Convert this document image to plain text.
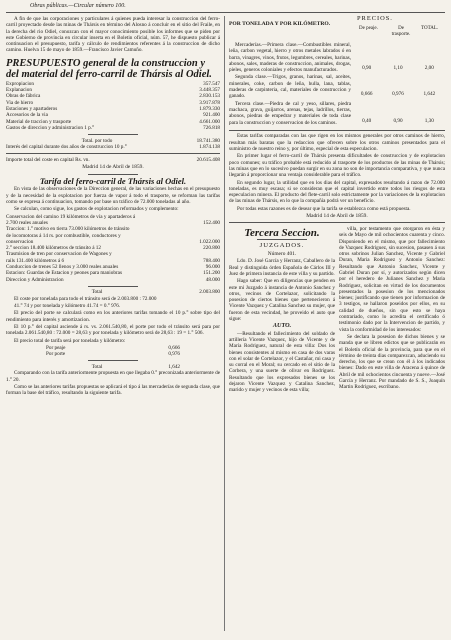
Obras públicas.—Circular número 100.

A fin de que las corporaciones y particulares á quienes pueda interesar la construccion del ferro-carril proyectado desde las minas de Thársis en término del Alosno á concluir en el sitio del Fraile, en la derecha del rio Odiel, conozcan con el mayor conocimiento posible los informes que se piden por este Gobierno de provincia en circular inserta en el Boletin oficial, núm. 57, he dispuesto publicar á continuacion el presupuesto, tarifa y cálculo de rendimientos referentes á la construccion de dicho camino. Huelva 15 de mayo de 1859.—Francisco Javier Camuño.

PRESUPUESTO general de la construccion y del material del ferro-carril de Thársis al Odiel.
Expropiacion	357.547
Explanacion	3.448.357
Obras de fábrica	2.830.153
Via de hierro	3.917.878
Estaciones y apartaderos	1.879.330
Accesorios de la via	921.400
Material de traccion y trasporte	4.661.000
Gastos de direccion y administracion 1 p.°	726.818
Total. por todo	18.741.380
Interés del capital durante dos años de construccion 10 p.°	1.874.138
Importe total del coste en capital Rs. vn.	20.615.408
Madrid 14 de Abril de 1859.
Tarifa del ferro-carril de Thársis al Odiel.

En vista de las observaciones de la Direccion general, de las variaciones hechas en el presupuesto y de la necesidad de la explotacion por fuerza de vapor á todo el trasporte, se reforman las tarifas como se expresa á continuacion, tomando por base un tráfico de 72.000 toneladas al año.

Se calculan, como sigue, los gastos de explotacion reformados y complemento:

Conservacion del camino 19 kilómetros de vía y apartaderos á
2.700 reales anuales	152.400
Traccion: 1.° motivo en tierra 73.000 kilómetros de tránsito
de locomotoras á 14 rs. por combustible, conductores y
conservacion	1.022.000
2.° seccion 18.400 kilómetros de tránsito á 12	220.800
Trasmision de tren por conservacion de Wagones y
rails 131.400 kilómetros á 6	788.400
Conduccion de trenes 52 llenos y 3.000 reales anuales	96.000
Estacion: Guardas de Estacion y peones para maniobras	151.200
Direccion y Administracion	48.000
Total	2.003.800

El coste por tonelada para todo el tránsito será de 2.003.800 : 72.000

41.° 74 y por tonelada y kilómetro 41.74 = 0.° 976.

El precio del porte se calculará como en los anteriores tarifas tomando el 10 p.° sobre tipo del rendimiento para interés y amortizacion.

El 10 p.° del capital asciende á rs. vs. 2.061.540,80, el porte por todo el tránsito será para por tonelada 2.061.540,80 : 72.000 = 28,63 y por tonelada y kilómetro será de 28,63 : 19 = 1.° 506.

El precio total de tarifa será por tonelada y kilómetro:

Por peaje	0,666
Por porte	0,976
Total	1,642

Comparando con la tarifa anteriormente propuesta en que llegaba 0.° preconizada anteriormente de 1.° 20.

Como se las anteriores tarifas propuestas se aplicará el tipo á las mercaderías de segunda clase, que forman la base del tráfico, resultando la siguiente tarifa.

POR TONELADA Y POR KILÓMETRO.
PRECIOS.
De peaje.	De trasporte.
TOTAL.

Mercaderías.—Primera clase.—Combustibles mineral, leña, carbon vegetal, hierro y otros metales labrados ó en barra, vinagres, vinos, frutos, legumbres, cereales, harinas, abonos, sales, maderas de construccion, animales, drogas, pieles, generos coloniales y efectos manufacturados.	0,90	1,10	2,00

Segunda clase.—Trigos, granos, harinas, sal, aceites, minerales, coke, carbon de leña, hulla, lana, tablas, maderas de carpinteria, cal, materiales de construccion y ganado.	0,666	0,976	1,642

Tercera clase.—Piedra de cal y yeso, sillares, piedra machaca, grava, guijarros, arenas, tejas, ladrillos, tierras, abonos, piedras de empedrar y materiales de toda clase para la construccion y conservacion de los caminos.	0,40	0,90	1,30

Estas tarifas comparadas con las que rigen en los mismos generales por otros caminos de hierro, resultan más baratas que la redaccion que ofrecen sobre los otros caminos presentados para el suministro de nuestro reino y, por último, especial de esta especulacion.

En primer lugar el ferro-carril de Thársis presenta dificultades de construccion y de explotacion poco comunes; su tráfico probable está reducido al trasporte de los productos de las minas de Thársis; las minas que en lo sucesivo puedan surgir en su zona no son de importancia comparativa, y que nunca llegarán á proporcionar una ventaja considerable para el tráfico.

En segundo lugar, la utilidad que en los dias del capital, expresados resultando á razon de 72.000 toneladas, es muy escasa; si se consideran que el capital invertido entre todos los riesgos de esta especulacion minera. El producto del flete-carril solo estrictamente por la variaciones de la explotacion de las minas de Thársis, en lo que la compañía podrá ver un beneficio.

Por todas estas razones es de desear que la tarifa se establezca como está propuesta.

Madrid 14 de Abril de 1859.
Tercera Seccion.
JUZGADOS.
Número 401.

Ldo. D. José García y Herranz, Caballero de la Real y distinguida órden Española de Cárlos III y Juez de primera instancia de este villa y su partido.

Hago saber: Que en diligencias que penden en este mi Juzgado á instancia de Antonio Sanchez y otros, vecinos de Cortelazor, solicitando la posesion de ciertos bienes que pertenecieron á Vicente Vazquez y Catalina Sanchez su mujer, que fueron de esta vecindad, he proveido el auto que sigue:

AUTO.

—Resultando el fallecimiento del soldado de artillería Vicente Vazquez, hijo de Vicente y de María Rodriguez, natural de esta villa: Dos los bienes consistentes al mismo en casa de dos varas con el solar de Cortelazor, y el Castañar, mi casa y su corral en el Moral; su cercado en el sitio de la Corbera, y una suerte de olivar en Rodríguez. Resultando que los expresados bienes se los dejaron Vicente Vazquez y Catalina Sanchez, marido y mujer y vecinos de esta villa;

villa, por testamento que otorgaron en ésta y seis de Mayo de mil ochocientos cuarenta y cinco. Disponiendo en el mismo, que por fallecimiento de Vazquez Rodriguez, sin sucesion, pasasen á sus otros sobrinos Julian Sanchez, Vicente y Gabriel Duran, Maria Rodriguez y Antonio Sanchez: Resultando que Antonio Sanchez, Vicente y Gabriel Duran por sí, y autorizados según dicen por el heredero de Julianes Sanchez y Maria Rodriguez, solicitan en virtud de los documentos presentados la posesion de los mencionados bienes; justificando que tienen por informacion de 3 testigos, se hallaron poseidos por ellos, en su calidad de dueños, sin que esto se haya contrariado, como lo acredita el certificado ó testimonio dado por la Intervencion de partido, y vista la conformidad de los interesados:

Se declara la posesion de dichos bienes y se manda que se libren edictos que se publicarán en el Boletín oficial de la provincia, para que en el término de treinta dias comparezcan, aduciendo su derecho, los que se crean con él á los indicados bienes: Dado en este villa de Aracena á quince de Abril de mil ochocientos cincuenta y nueve.—José García y Herranz. Por mandado de S. S., Joaquín Martin Rodriguez, escribano.
